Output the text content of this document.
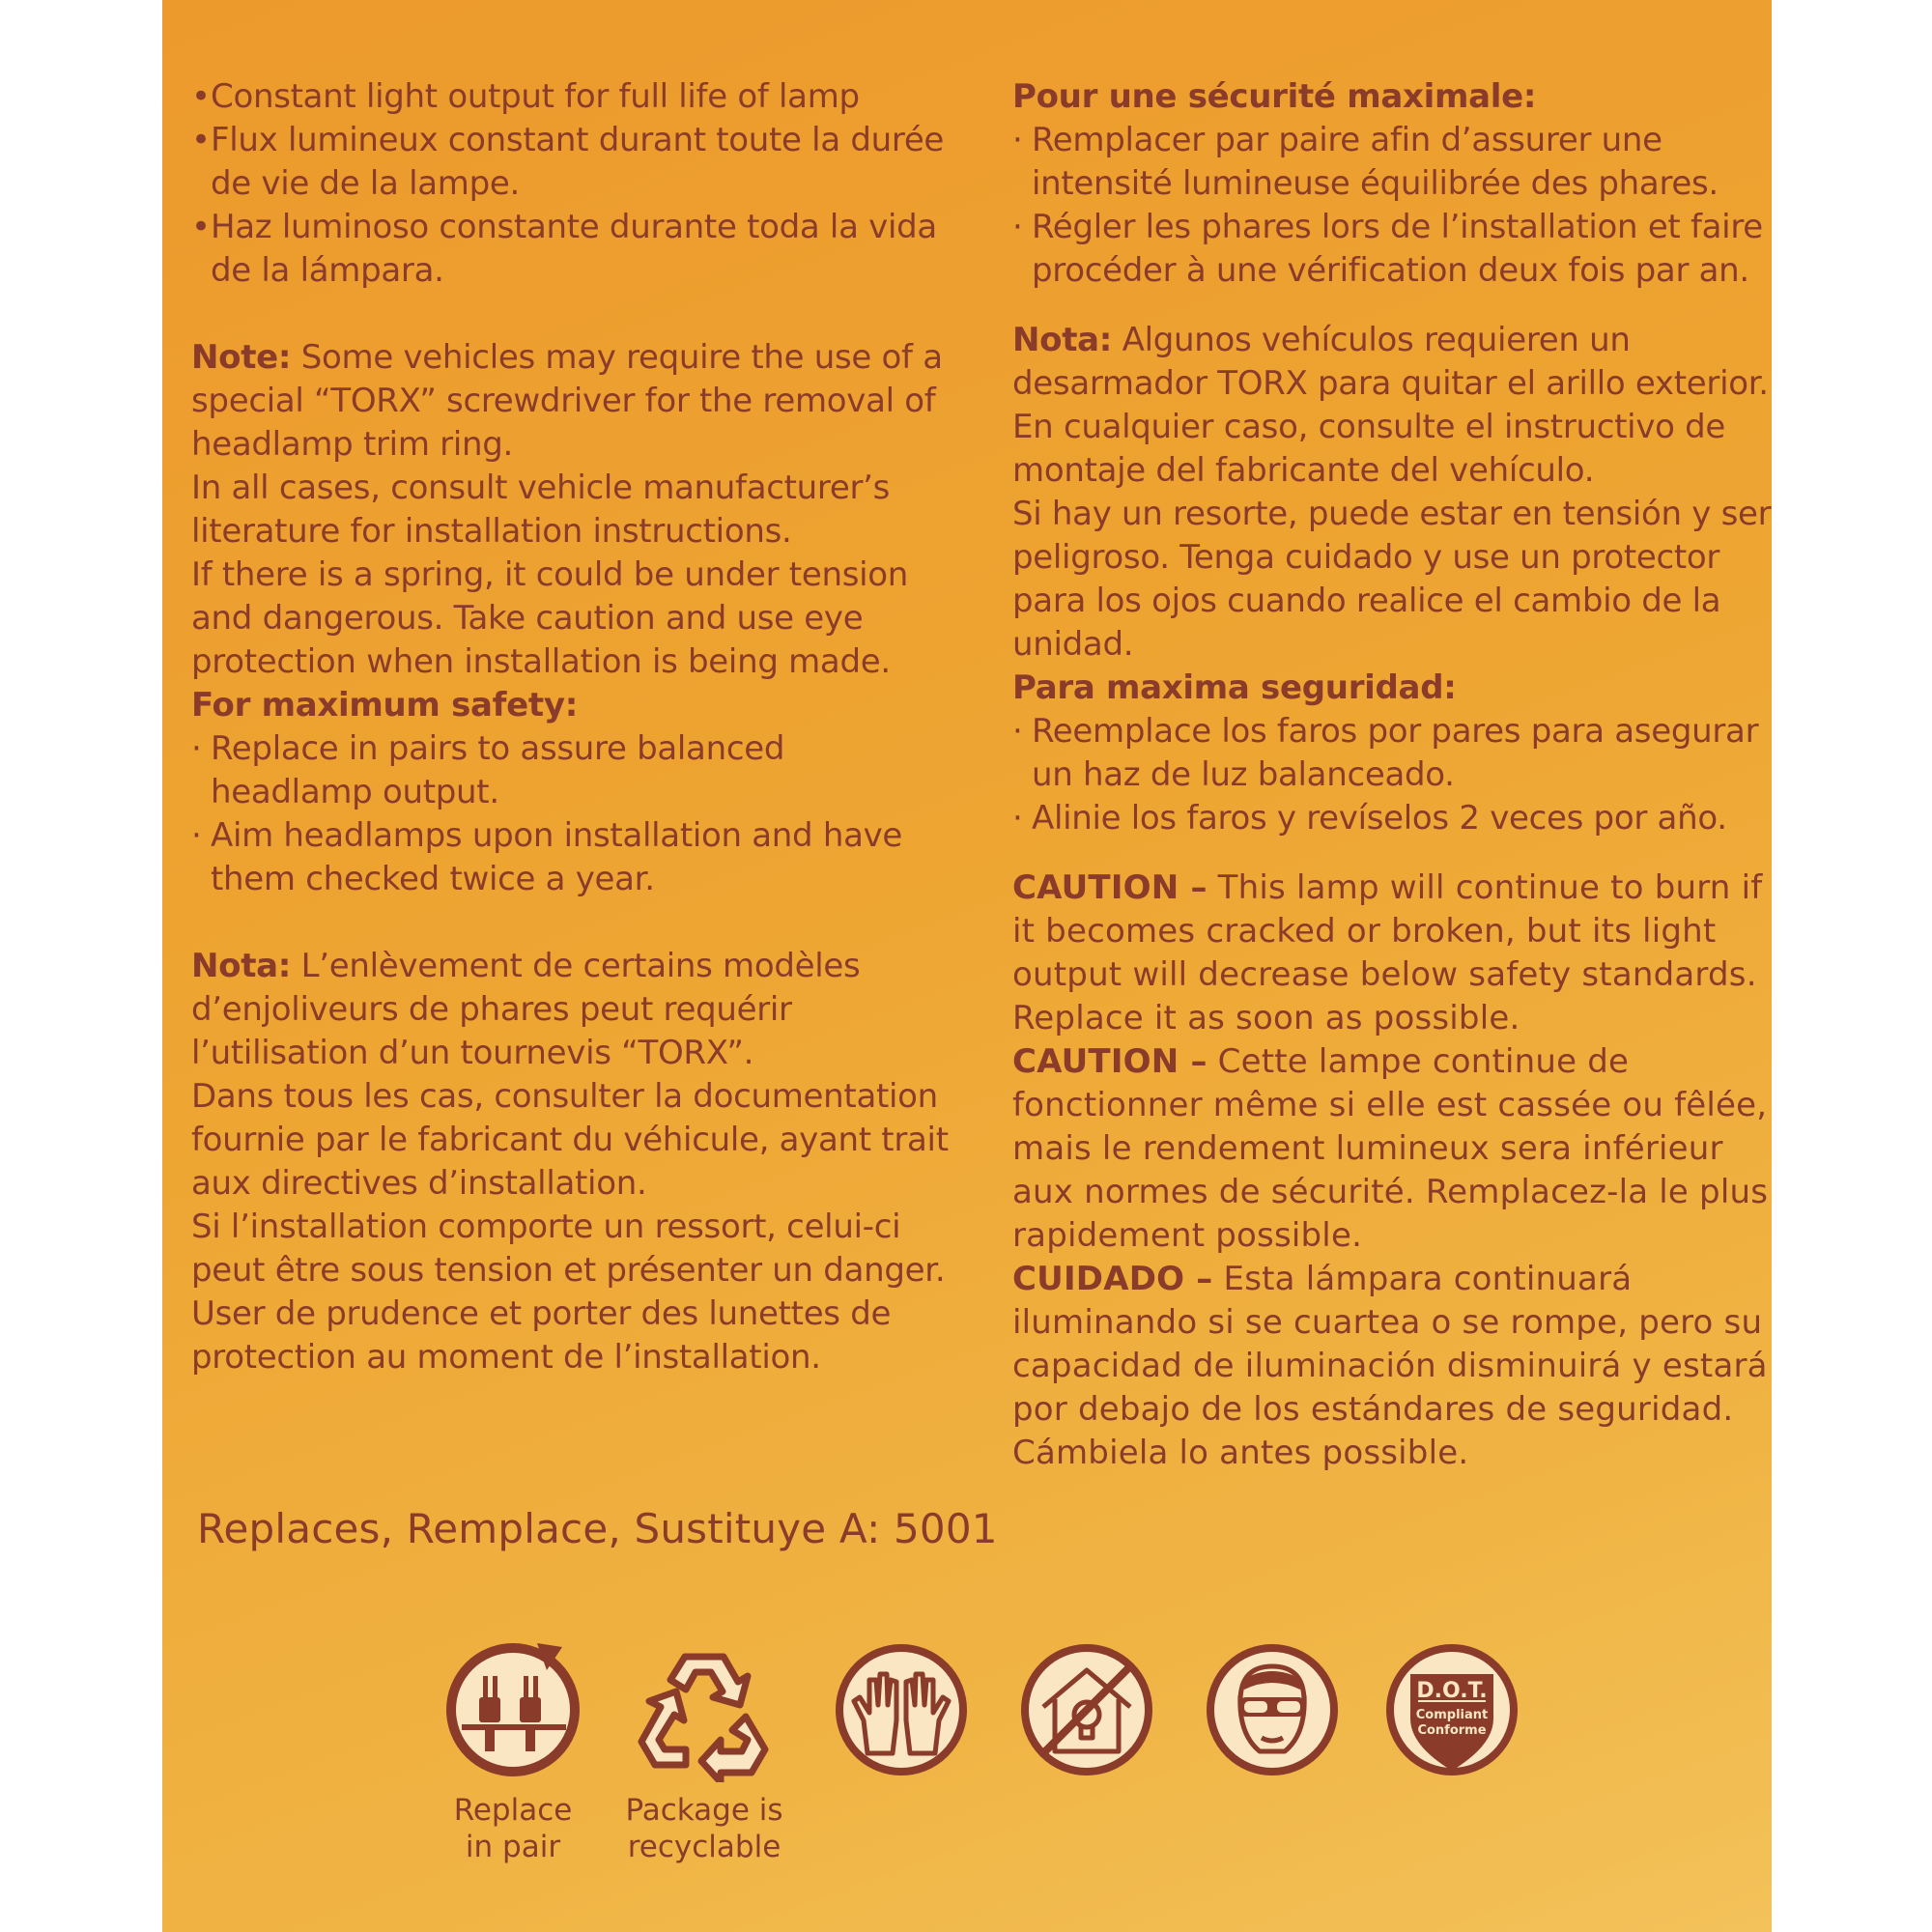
• Constant light output for full life of lamp
• Flux lumineux constant durant toute la durée de vie de la lampe.
• Haz luminoso constante durante toda la vida de la lámpara.

Note: Some vehicles may require the use of a special “TORX” screwdriver for the removal of headlamp trim ring.

In all cases, consult vehicle manufacturer’s literature for installation instructions.

If there is a spring, it could be under tension and dangerous. Take caution and use eye protection when installation is being made.

For maximum safety:

· Replace in pairs to assure balanced headlamp output.
· Aim headlamps upon installation and have them checked twice a year.

Nota: L’enlèvement de certains modèles d’enjoliveurs de phares peut requérir l’utilisation d’un tournevis “TORX”.

Dans tous les cas, consulter la documentation fournie par le fabricant du véhicule, ayant trait aux directives d’installation.

Si l’installation comporte un ressort, celui-ci peut être sous tension et présenter un danger. User de prudence et porter des lunettes de protection au moment de l’installation.

Pour une sécurité maximale:

· Remplacer par paire afin d’assurer une intensité lumineuse équilibrée des phares.
· Régler les phares lors de l’installation et faire procéder à une vérification deux fois par an.

Nota: Algunos vehículos requieren un desarmador TORX para quitar el arillo exterior.

En cualquier caso, consulte el instructivo de montaje del fabricante del vehículo.

Si hay un resorte, puede estar en tensión y ser peligroso. Tenga cuidado y use un protector para los ojos cuando realice el cambio de la unidad.

Para maxima seguridad:

· Reemplace los faros por pares para asegurar un haz de luz balanceado.
· Alinie los faros y revíselos 2 veces por año.

CAUTION – This lamp will continue to burn if it becomes cracked or broken, but its light output will decrease below safety standards. Replace it as soon as possible.

CAUTION – Cette lampe continue de fonctionner même si elle est cassée ou fêlée, mais le rendement lumineux sera inférieur aux normes de sécurité. Remplacez-la le plus rapidement possible.

CUIDADO – Esta lámpara continuará iluminando si se cuartea o se rompe, pero su capacidad de iluminación disminuirá y estará por debajo de los estándares de seguridad. Cámbiela lo antes possible.

Replaces, Remplace, Sustituye A: 5001
Replace
in pair
Package is
recyclable
D.O.T.
Compliant
Conforme
